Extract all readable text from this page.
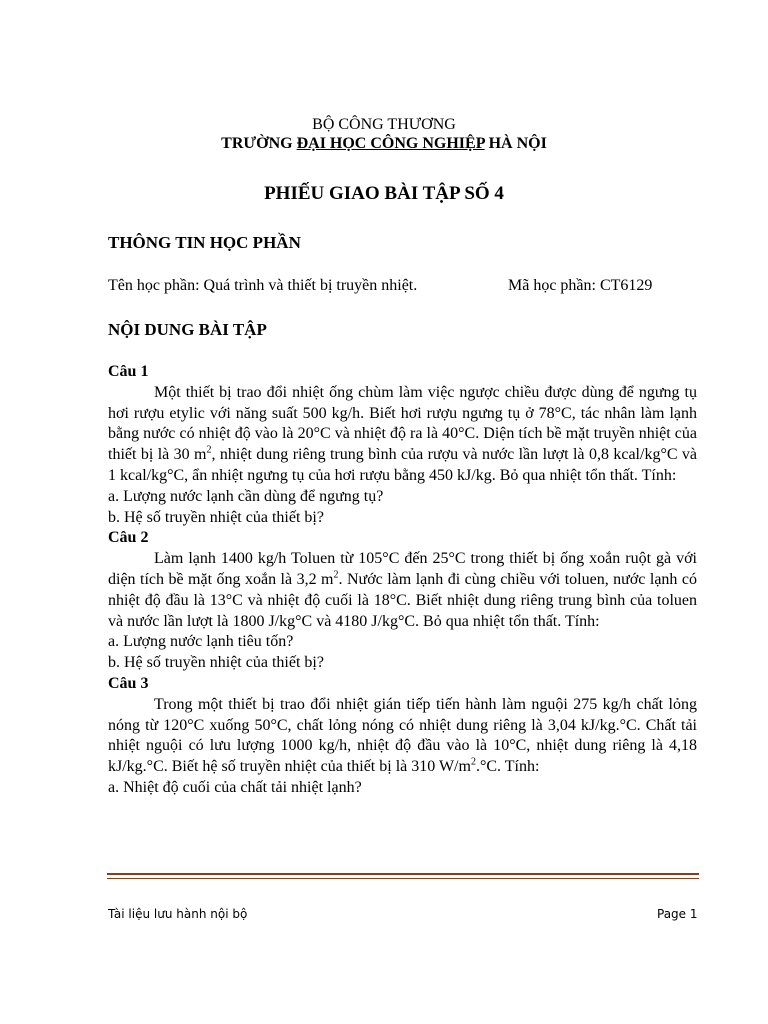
BỘ CÔNG THƯƠNG
TRƯỜNG ĐẠI HỌC CÔNG NGHIỆP HÀ NỘI
PHIẾU GIAO BÀI TẬP SỐ 4
THÔNG TIN HỌC PHẦN
Tên học phần: Quá trình và thiết bị truyền nhiệt.	Mã học phần: CT6129
NỘI DUNG BÀI TẬP
Câu 1
Một thiết bị trao đổi nhiệt ống chùm làm việc ngược chiều được dùng để ngưng tụ hơi rượu etylic với năng suất 500 kg/h. Biết hơi rượu ngưng tụ ở 78°C, tác nhân làm lạnh bằng nước có nhiệt độ vào là 20°C và nhiệt độ ra là 40°C. Diện tích bề mặt truyền nhiệt của thiết bị là 30 $m^2$, nhiệt dung riêng trung bình của rượu và nước lần lượt là 0,8 kcal/kg°C và 1 kcal/kg°C, ẩn nhiệt ngưng tụ của hơi rượu bằng 450 kJ/kg. Bỏ qua nhiệt tổn thất. Tính:
a. Lượng nước lạnh cần dùng để ngưng tụ?
b. Hệ số truyền nhiệt của thiết bị?
Câu 2
Làm lạnh 1400 kg/h Toluen từ 105°C đến 25°C trong thiết bị ống xoắn ruột gà với diện tích bề mặt ống xoắn là 3,2 $m^2$. Nước làm lạnh đi cùng chiều với toluen, nước lạnh có nhiệt độ đầu là 13°C và nhiệt độ cuối là 18°C. Biết nhiệt dung riêng trung bình của toluen và nước lần lượt là 1800 J/kg°C và 4180 J/kg°C. Bỏ qua nhiệt tổn thất. Tính:
a. Lượng nước lạnh tiêu tốn?
b. Hệ số truyền nhiệt của thiết bị?
Câu 3
Trong một thiết bị trao đổi nhiệt gián tiếp tiến hành làm nguội 275 kg/h chất lỏng nóng từ 120°C xuống 50°C, chất lỏng nóng có nhiệt dung riêng là 3,04 kJ/kg.°C. Chất tải nhiệt nguội có lưu lượng 1000 kg/h, nhiệt độ đầu vào là 10°C, nhiệt dung riêng là 4,18 kJ/kg.°C. Biết hệ số truyền nhiệt của thiết bị là 310 $W/m^2.^\circ C$. Tính:
a. Nhiệt độ cuối của chất tải nhiệt lạnh?
Tài liệu lưu hành nội bộ	Page 1
